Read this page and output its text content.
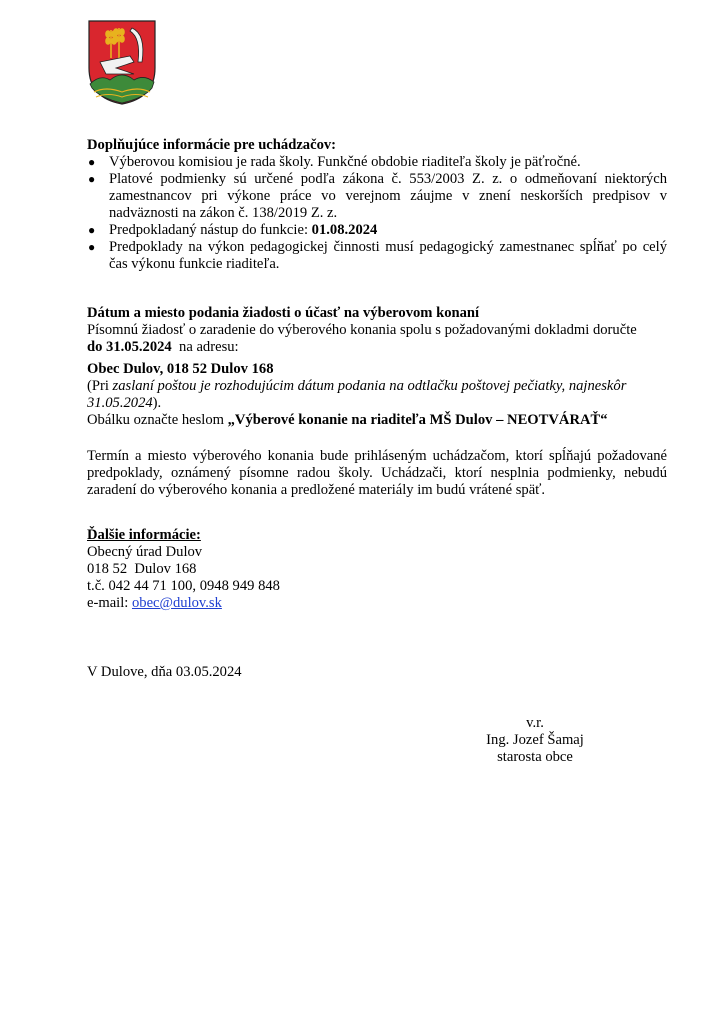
Doplňujúce informácie pre uchádzačov:

● Výberovou komisiou je rada školy. Funkčné obdobie riaditeľa školy je päťročné.
● Platové podmienky sú určené podľa zákona č. 553/2003 Z. z. o odmeňovaní niektorých zamestnancov pri výkone práce vo verejnom záujme v znení neskorších predpisov v nadväznosti na zákon č. 138/2019 Z. z.
● Predpokladaný nástup do funkcie: 01.08.2024
● Predpoklady na výkon pedagogickej činnosti musí pedagogický zamestnanec spĺňať po celý čas výkonu funkcie riaditeľa.

Dátum a miesto podania žiadosti o účasť na výberovom konaní

Písomnú žiadosť o zaradenie do výberového konania spolu s požadovanými dokladmi doručte

do 31.05.2024  na adresu:

Obec Dulov, 018 52 Dulov 168

(Pri zaslaní poštou je rozhodujúcim dátum podania na odtlačku poštovej pečiatky, najneskôr 31.05.2024).

Obálku označte heslom „Výberové konanie na riaditeľa MŠ Dulov – NEOTVÁRAŤ“

Termín a miesto výberového konania bude prihláseným uchádzačom, ktorí spĺňajú požadované predpoklady, oznámený písomne radou školy. Uchádzači, ktorí nesplnia podmienky, nebudú zaradení do výberového konania a predložené materiály im budú vrátené späť.

Ďalšie informácie:

Obecný úrad Dulov

018 52  Dulov 168

t.č. 042 44 71 100, 0948 949 848

e-mail: obec@dulov.sk

V Dulove, dňa 03.05.2024

v.r.

Ing. Jozef Šamaj

starosta obce
